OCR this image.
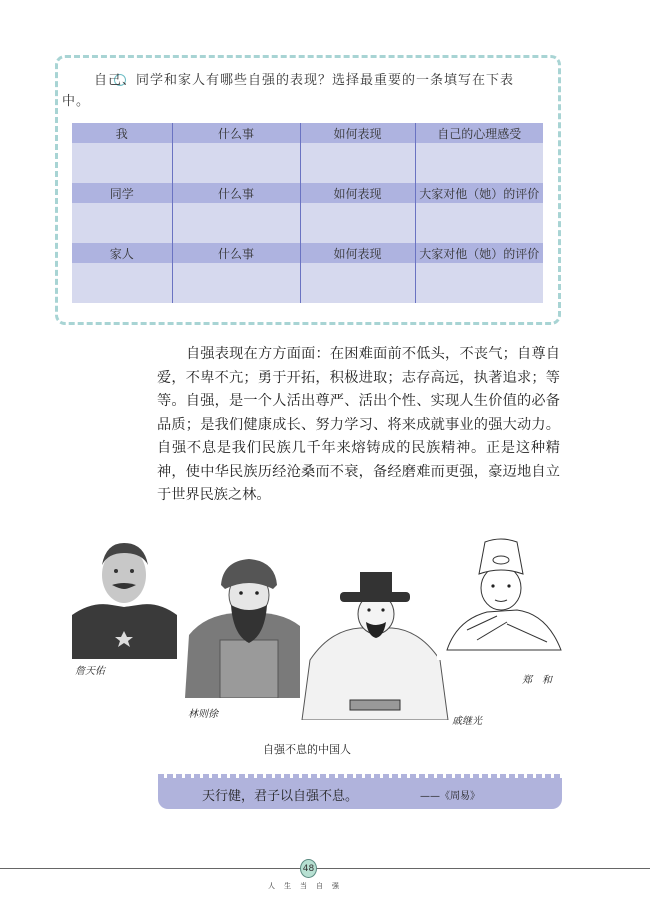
自己、同学和家人有哪些自强的表现？选择最重要的一条填写在下表中。

我	什么事	如何表现	自己的心理感受

同学	什么事	如何表现	大家对他（她）的评价

家人	什么事	如何表现	大家对他（她）的评价

自强表现在方方面面：在困难面前不低头，不丧气；自尊自爱，不卑不亢；勇于开拓，积极进取；志存高远，执著追求；等等。自强，是一个人活出尊严、活出个性、实现人生价值的必备品质；是我们健康成长、努力学习、将来成就事业的强大动力。自强不息是我们民族几千年来熔铸成的民族精神。正是这种精神，使中华民族历经沧桑而不衰，备经磨难而更强，豪迈地自立于世界民族之林。

詹天佑
林则徐
戚继光
郑　和
自强不息的中国人
天行健，君子以自强不息。	——《周易》
48
人生当自强
